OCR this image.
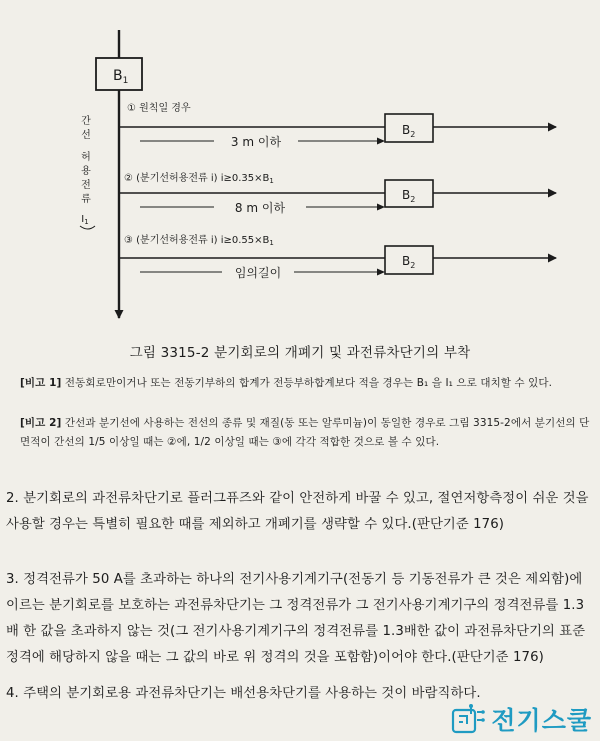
$B_1$
간
선
허
용
전
류
$I_1$
① 원칙일 경우
$B_2$
3 m 이하
② (분기선허용전류 i) $i\ge 0.35\times B_1$
$B_2$
8 m 이하
③ (분기선허용전류 i) $i\ge 0.55\times B_1$
$B_2$
임의길이
그림 3315-2 분기회로의 개폐기 및 과전류차단기의 부착
[비고 1] 전동회로만이거나 또는 전동기부하의 합계가 전등부하합계보다 적을 경우는 B₁ 을 I₁ 으로 대치할 수 있다.
[비고 2] 간선과 분기선에 사용하는 전선의 종류 및 재질(동 또는 알루미늄)이 동일한 경우로 그림 3315-2에서 분기선의 단면적이 간선의 1/5 이상일 때는 ②에, 1/2 이상일 때는 ③에 각각 적합한 것으로 볼 수 있다.
2. 분기회로의 과전류차단기로 플러그퓨즈와 같이 안전하게 바꿀 수 있고, 절연저항측정이 쉬운 것을 사용할 경우는 특별히 필요한 때를 제외하고 개폐기를 생략할 수 있다.(판단기준 176)
3. 정격전류가 50 A를 초과하는 하나의 전기사용기계기구(전동기 등 기동전류가 큰 것은 제외함)에 이르는 분기회로를 보호하는 과전류차단기는 그 정격전류가 그 전기사용기계기구의 정격전류를 1.3배 한 값을 초과하지 않는 것(그 전기사용기계기구의 정격전류를 1.3배한 값이 과전류차단기의 표준정격에 해당하지 않을 때는 그 값의 바로 위 정격의 것을 포함함)이어야 한다.(판단기준 176)
4. 주택의 분기회로용 과전류차단기는 배선용차단기를 사용하는 것이 바람직하다.
전기스쿨
